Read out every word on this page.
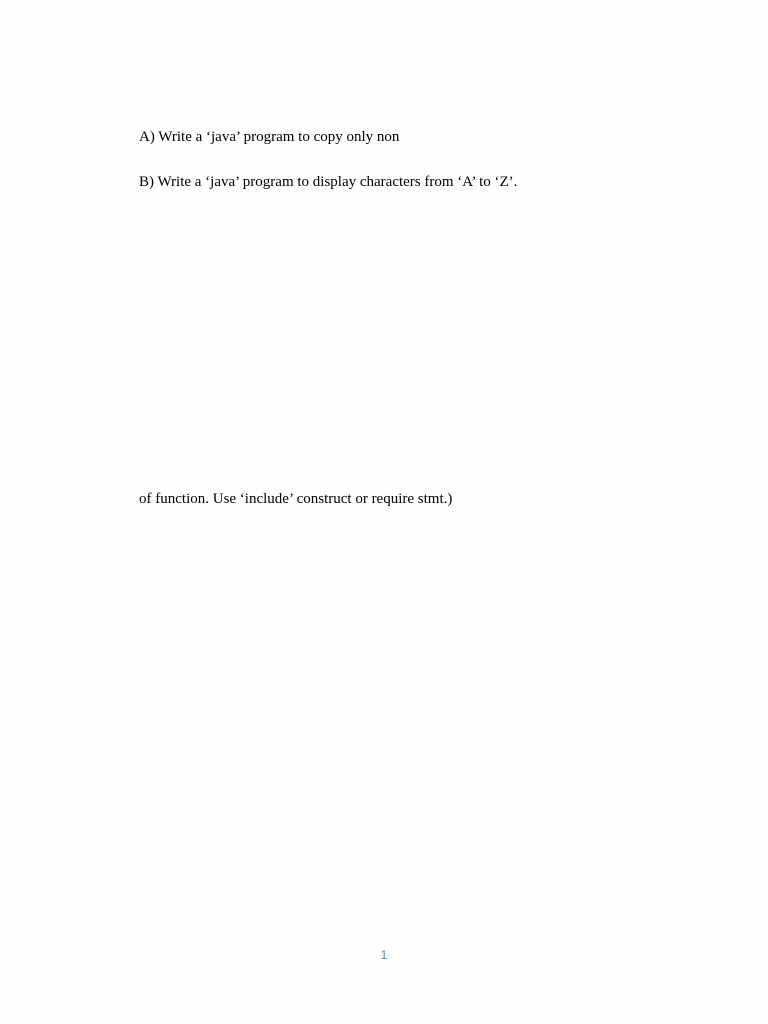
A) Write a ‘java’ program to copy only non
B) Write a ‘java’ program to display characters from ‘A’ to ‘Z’.
of function. Use ‘include’ construct or require stmt.)
1
